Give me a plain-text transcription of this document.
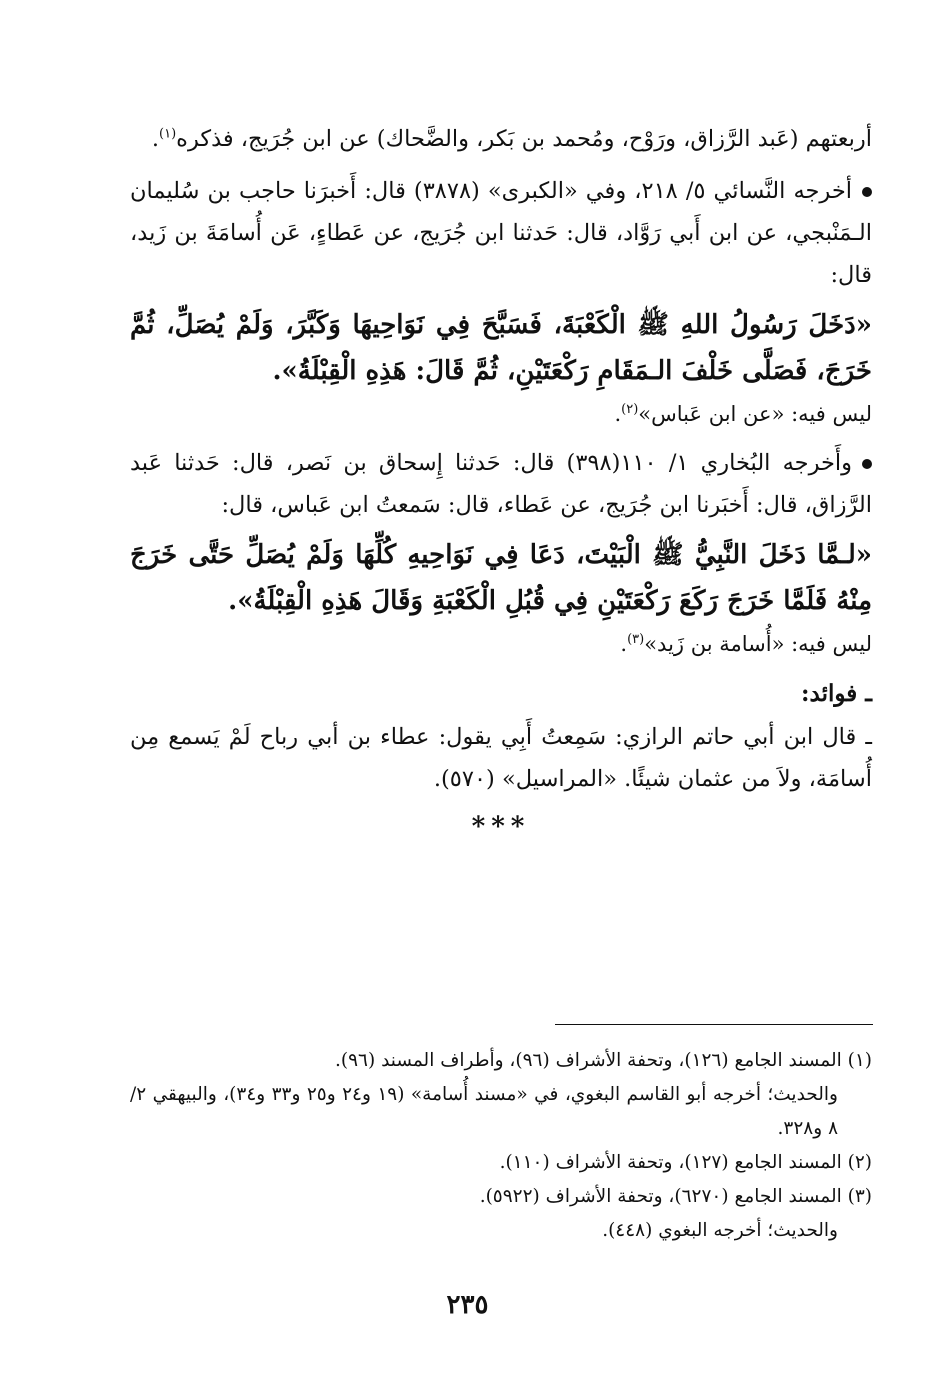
أربعتهم (عَبد الرَّزاق، ورَوْح، ومُحمد بن بَكر، والضَّحاك) عن ابن جُرَيج، فذكره$^{(١)}$.

أخرجه النَّسائي ٥/ ٢١٨، وفي «الكبرى» (٣٨٧٨) قال: أَخبرَنا حاجب بن سُليمان الـمَنْبجي، عن ابن أَبي رَوَّاد، قال: حَدثنا ابن جُرَيج، عن عَطاءٍ، عَن أُسامَةَ بن زَيد، قال:

«دَخَلَ رَسُولُ اللهِ ﷺ الْكَعْبَةَ، فَسَبَّحَ فِي نَوَاحِيهَا وَكَبَّرَ، وَلَمْ يُصَلِّ، ثُمَّ خَرَجَ، فَصَلَّى خَلْفَ الـمَقَامِ رَكْعَتَيْنِ، ثُمَّ قَالَ: هَذِهِ الْقِبْلَةُ».

ليس فيه: «عن ابن عَباس»$^{(٢)}$.

وأَخرجه البُخاري ١/ ١١٠(٣٩٨) قال: حَدثنا إِسحاق بن نَصر، قال: حَدثنا عَبد الرَّزاق، قال: أَخبَرنا ابن جُرَيج، عن عَطاء، قال: سَمعتُ ابن عَباس، قال:

«لـمَّا دَخَلَ النَّبِيُّ ﷺ الْبَيْتَ، دَعَا فِي نَوَاحِيهِ كُلِّهَا وَلَمْ يُصَلِّ حَتَّى خَرَجَ مِنْهُ فَلَمَّا خَرَجَ رَكَعَ رَكْعَتَيْنِ فِي قُبُلِ الْكَعْبَةِ وَقَالَ هَذِهِ الْقِبْلَةُ».

ليس فيه: «أُسامة بن زَيد»$^{(٣)}$.

ـ فوائد:

ـ قال ابن أبي حاتم الرازي: سَمِعتُ أَبِي يقول: عطاء بن أبي رباح لَمْ يَسمع مِن أُسامَة، ولاَ من عثمان شيئًا. «المراسيل» (٥٧٠).

***

(١) المسند الجامع (١٢٦)، وتحفة الأشراف (٩٦)، وأطراف المسند (٩٦).

والحديث؛ أخرجه أبو القاسم البغوي، في «مسند أُسامة» (١٩ و٢٤ و٢٥ و٣٣ و٣٤)، والبيهقي ٢/ ٨ و٣٢٨.

(٢) المسند الجامع (١٢٧)، وتحفة الأشراف (١١٠).

(٣) المسند الجامع (٦٢٧٠)، وتحفة الأشراف (٥٩٢٢).

والحديث؛ أخرجه البغوي (٤٤٨).

٢٣٥
